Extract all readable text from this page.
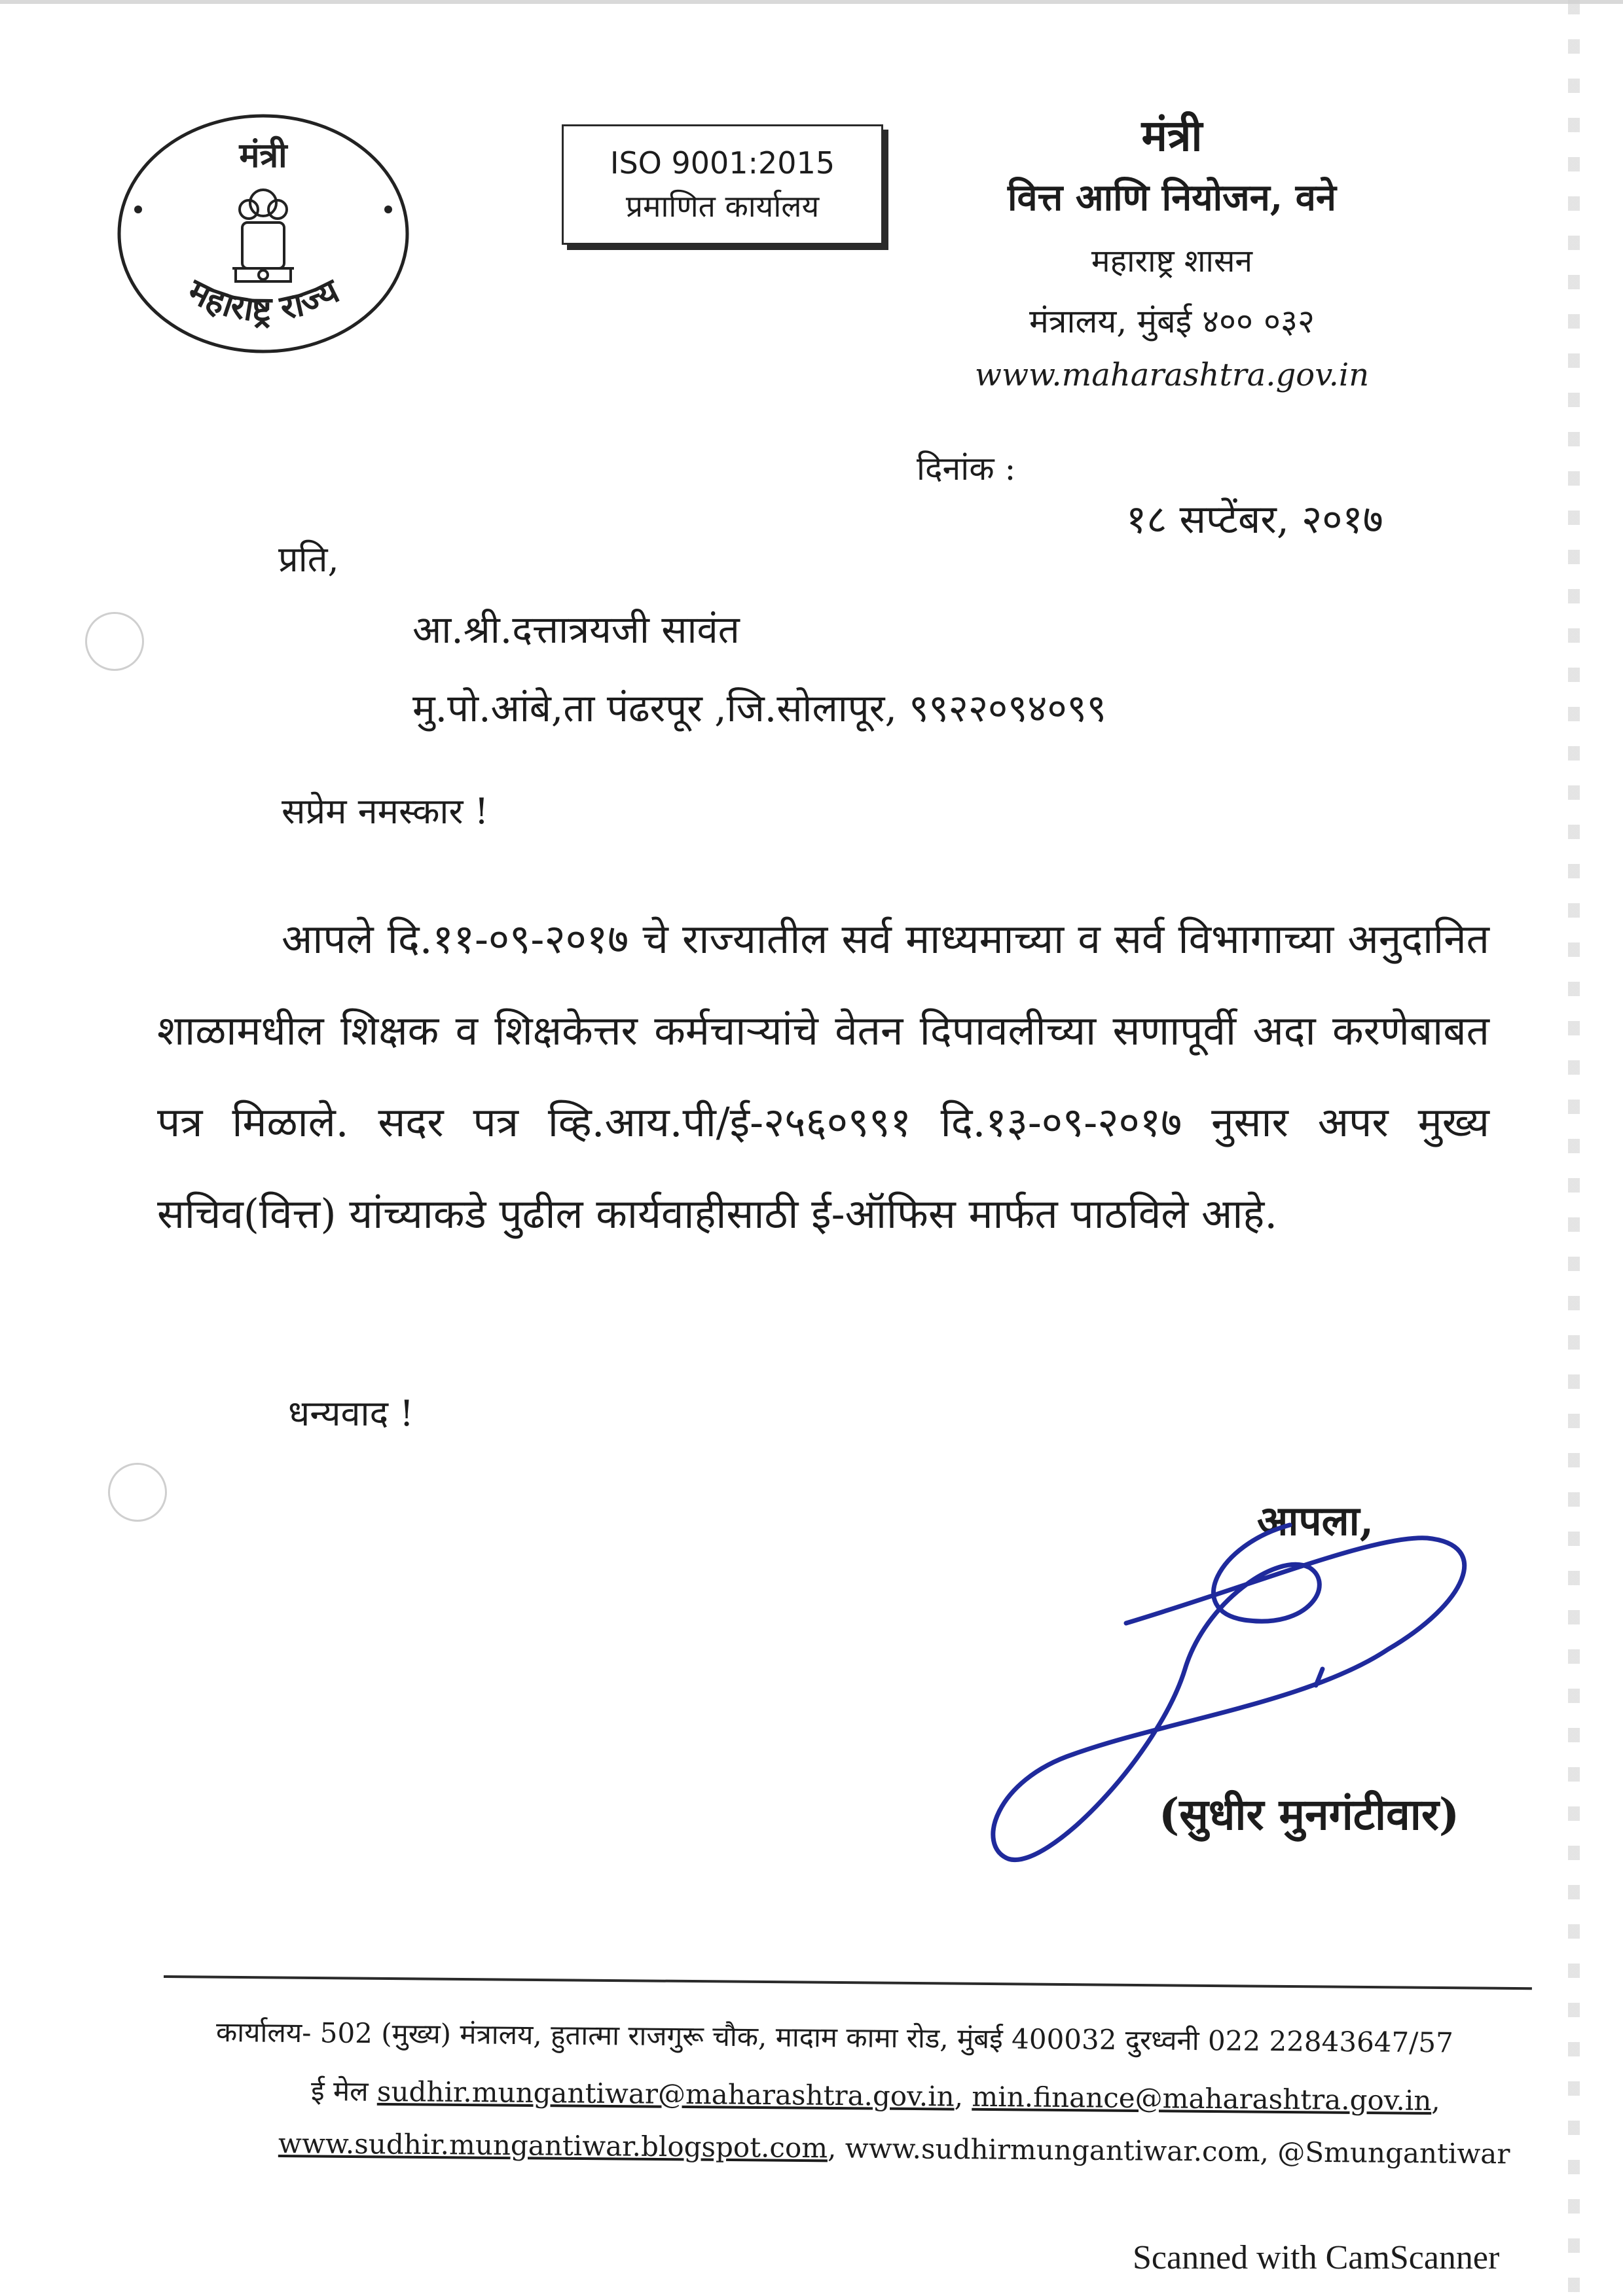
मंत्री
महाराष्ट्र राज्य
ISO 9001:2015
प्रमाणित कार्यालय
मंत्री
वित्त आणि नियोजन, वने
महाराष्ट्र शासन
मंत्रालय, मुंबई ४०० ०३२
www.maharashtra.gov.in
दिनांक :
१८ सप्टेंबर, २०१७
प्रति,
आ.श्री.दत्तात्रयजी सावंत
मु.पो.आंबे,ता पंढरपूर ,जि.सोलापूर, ९९२२०९४०९९
सप्रेम नमस्कार !
आपले दि.११-०९-२०१७ चे राज्यातील सर्व माध्यमाच्या व सर्व विभागाच्या अनुदानित शाळामधील शिक्षक व शिक्षकेत्तर कर्मचाऱ्यांचे वेतन दिपावलीच्या सणापूर्वी अदा करणेबाबत पत्र मिळाले. सदर पत्र व्हि.आय.पी/ई-२५६०९९१ दि.१३-०९-२०१७ नुसार अपर मुख्य सचिव(वित्त) यांच्याकडे पुढील कार्यवाहीसाठी ई-ऑफिस मार्फत पाठविले आहे.
धन्यवाद !
आपला,
(सुधीर मुनगंटीवार)
कार्यालय- 502 (मुख्य) मंत्रालय, हुतात्मा राजगुरू चौक, मादाम कामा रोड, मुंबई 400032 दुरध्वनी 022 22843647/57
ई मेल sudhir.mungantiwar@maharashtra.gov.in, min.finance@maharashtra.gov.in,
www.sudhir.mungantiwar.blogspot.com, www.sudhirmungantiwar.com, @Smungantiwar
Scanned with CamScanner
